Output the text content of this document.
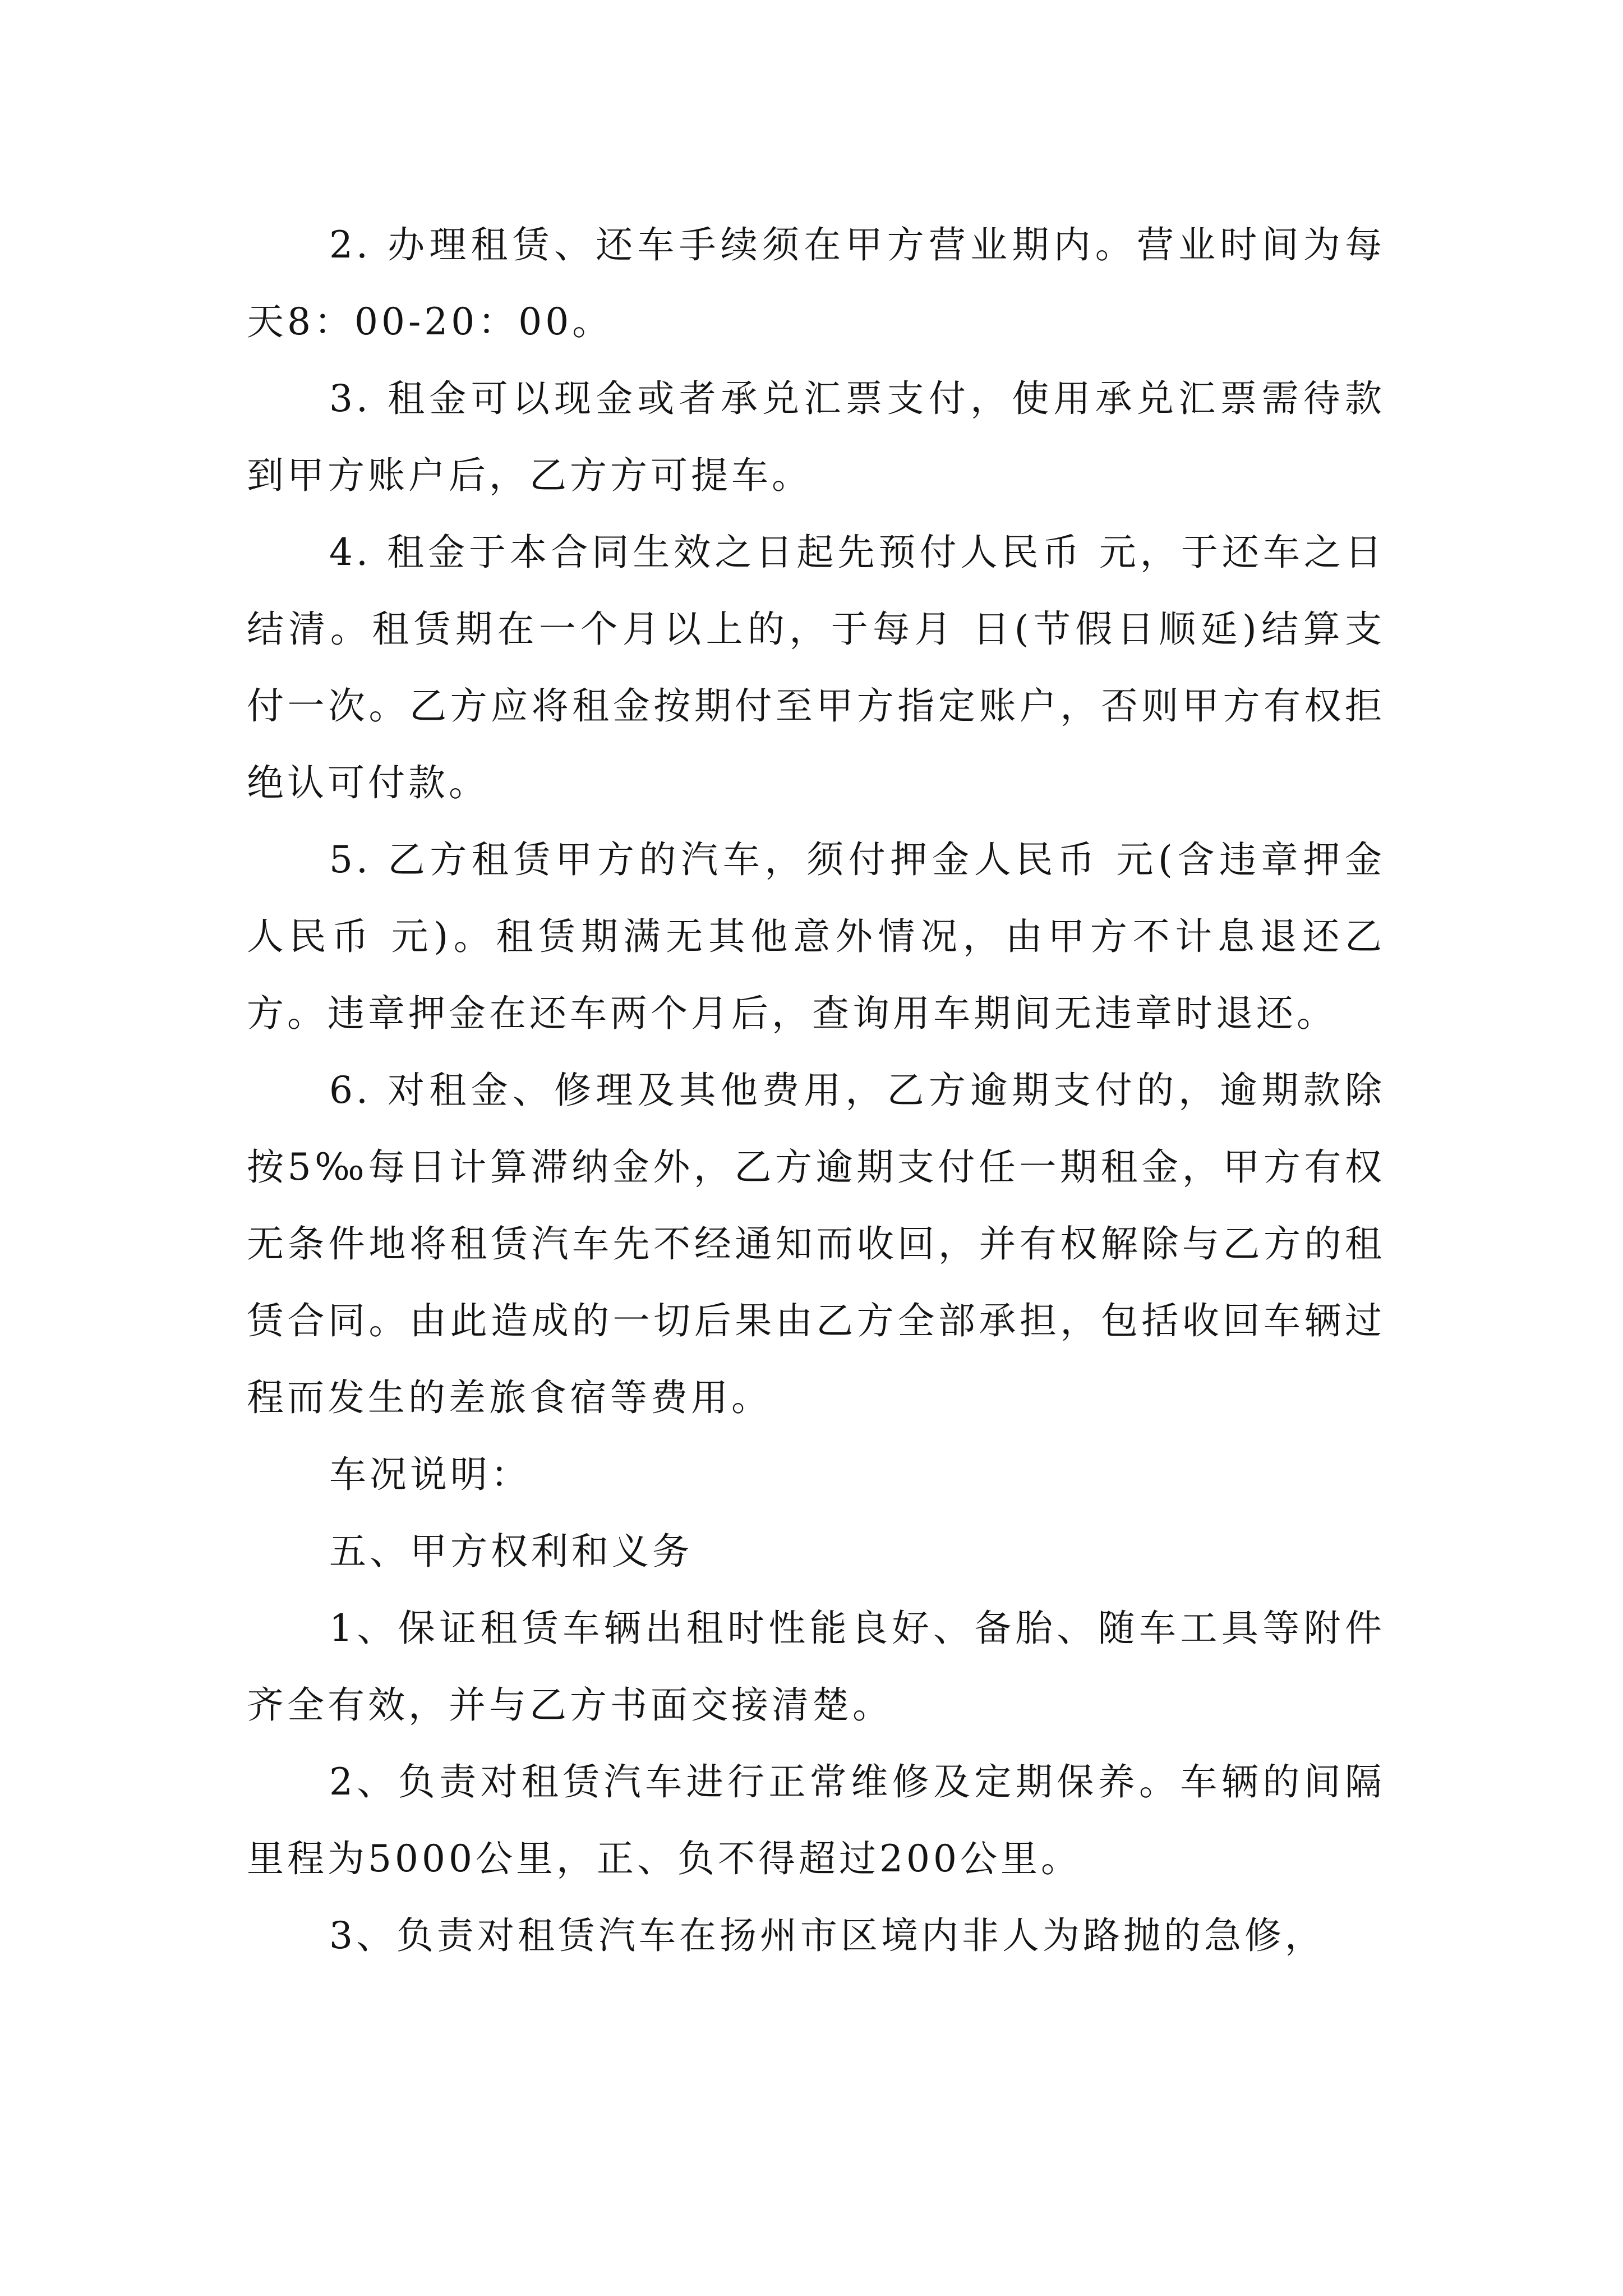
2. 办理租赁、还车手续须在甲方营业期内。营业时间为每天8：00-20：00。

3. 租金可以现金或者承兑汇票支付，使用承兑汇票需待款到甲方账户后，乙方方可提车。

4. 租金于本合同生效之日起先预付人民币 元，于还车之日结清。租赁期在一个月以上的，于每月 日(节假日顺延)结算支付一次。乙方应将租金按期付至甲方指定账户，否则甲方有权拒绝认可付款。

5. 乙方租赁甲方的汽车，须付押金人民币 元(含违章押金人民币 元)。租赁期满无其他意外情况，由甲方不计息退还乙方。违章押金在还车两个月后，查询用车期间无违章时退还。

6. 对租金、修理及其他费用，乙方逾期支付的，逾期款除按5‰每日计算滞纳金外，乙方逾期支付任一期租金，甲方有权无条件地将租赁汽车先不经通知而收回，并有权解除与乙方的租赁合同。由此造成的一切后果由乙方全部承担，包括收回车辆过程而发生的差旅食宿等费用。

车况说明：

五、甲方权利和义务

1、保证租赁车辆出租时性能良好、备胎、随车工具等附件齐全有效，并与乙方书面交接清楚。

2、负责对租赁汽车进行正常维修及定期保养。车辆的间隔里程为5000公里，正、负不得超过200公里。

3、负责对租赁汽车在扬州市区境内非人为路抛的急修，
